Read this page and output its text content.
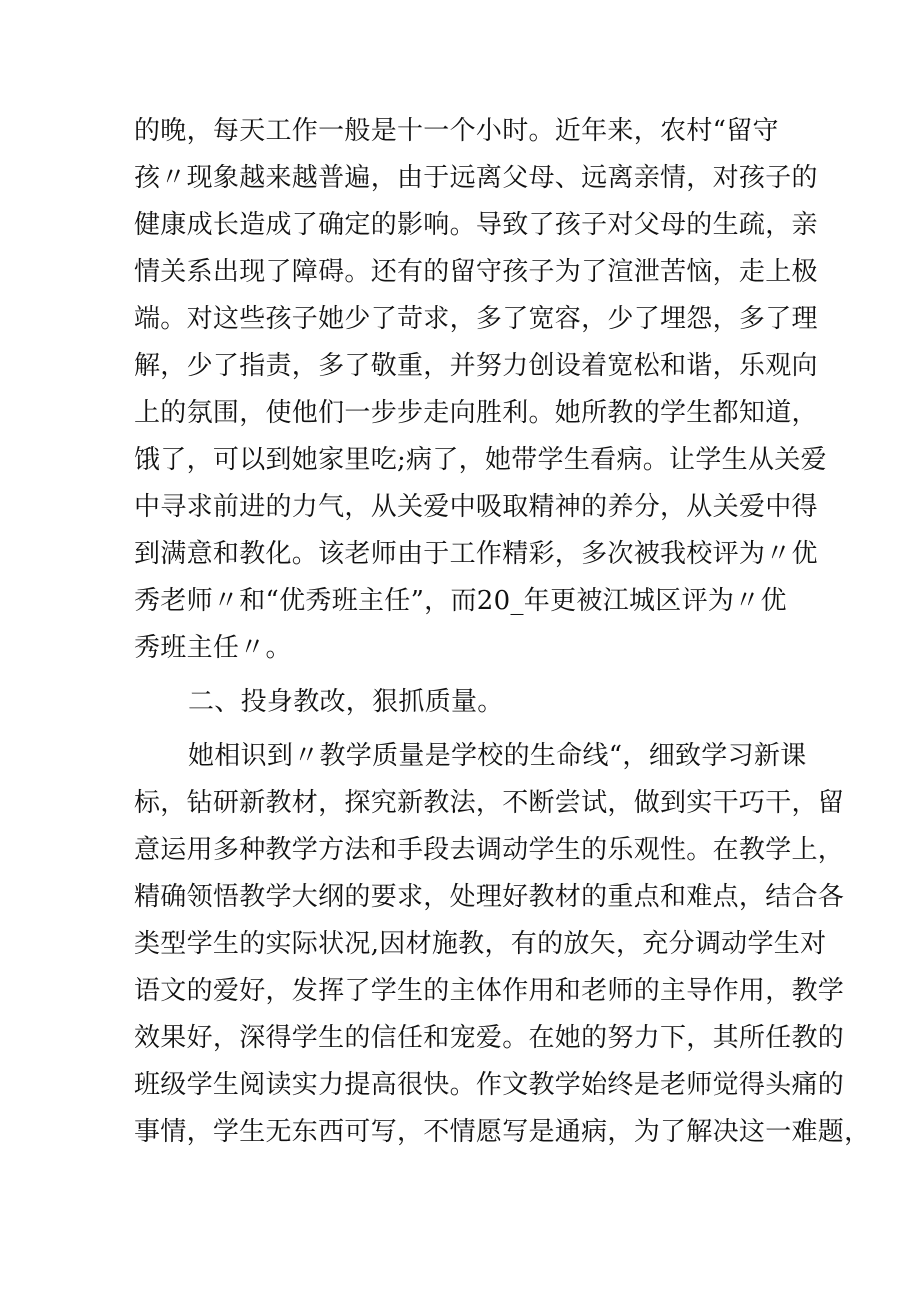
的晚，每天工作一般是十一个小时。近年来，农村“留守
孩〃现象越来越普遍，由于远离父母、远离亲情，对孩子的
健康成长造成了确定的影响。导致了孩子对父母的生疏，亲
情关系出现了障碍。还有的留守孩子为了渲泄苦恼，走上极
端。对这些孩子她少了苛求，多了宽容，少了埋怨，多了理
解，少了指责，多了敬重，并努力创设着宽松和谐，乐观向
上的氛围，使他们一步步走向胜利。她所教的学生都知道，
饿了，可以到她家里吃;病了，她带学生看病。让学生从关爱
中寻求前进的力气，从关爱中吸取精神的养分，从关爱中得
到满意和教化。该老师由于工作精彩，多次被我校评为〃优
秀老师〃和“优秀班主任”，而20_年更被江城区评为〃优
秀班主任〃。
二、投身教改，狠抓质量。
她相识到〃教学质量是学校的生命线“，细致学习新课
标，钻研新教材，探究新教法，不断尝试，做到实干巧干，留
意运用多种教学方法和手段去调动学生的乐观性。在教学上，
精确领悟教学大纲的要求，处理好教材的重点和难点，结合各
类型学生的实际状况,因材施教，有的放矢，充分调动学生对
语文的爱好，发挥了学生的主体作用和老师的主导作用，教学
效果好，深得学生的信任和宠爱。在她的努力下，其所任教的
班级学生阅读实力提高很快。作文教学始终是老师觉得头痛的
事情，学生无东西可写，不情愿写是通病，为了解决这一难题，
